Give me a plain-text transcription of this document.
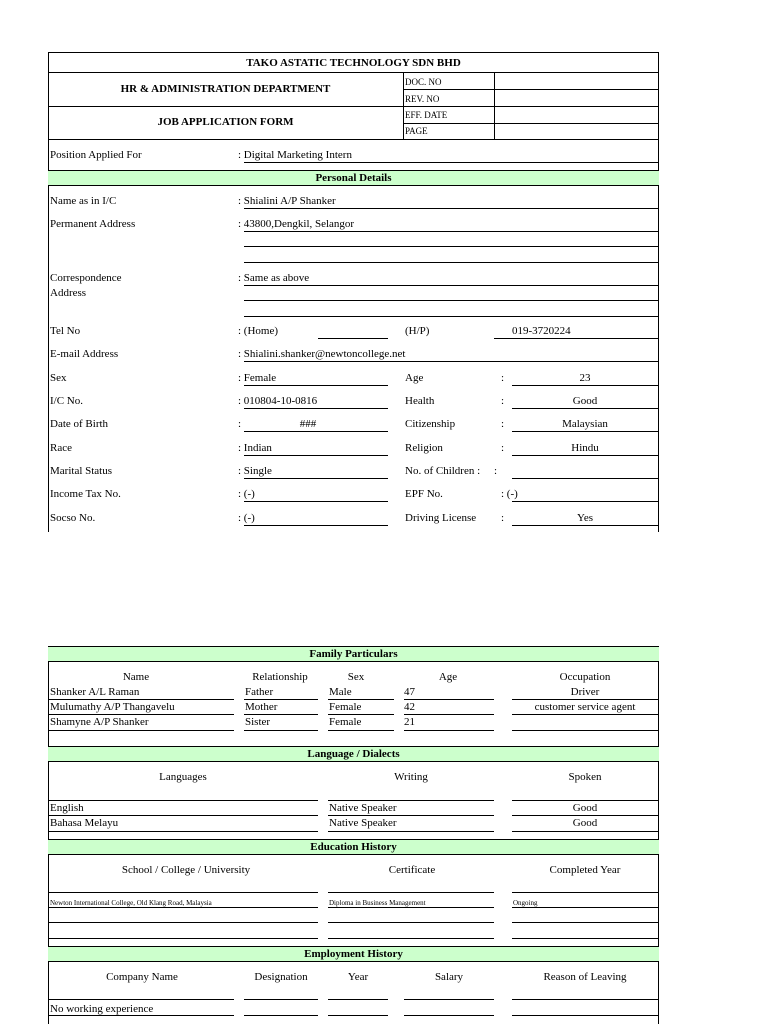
TAKO ASTATIC TECHNOLOGY SDN BHD
HR & ADMINISTRATION DEPARTMENT
JOB APPLICATION FORM
DOC. NO
REV. NO
EFF. DATE
PAGE
Position Applied For	: Digital Marketing Intern
Personal Details
Name as in I/C	: Shialini A/P Shanker
Permanent Address	: 43800,Dengkil, Selangor
Correspondence
Address
: Same as above
Tel No	: (Home)	(H/P)	019-3720224
E-mail Address	: Shialini.shanker@newtoncollege.net
Sex	: Female	Age	:	23
I/C No.	: 010804-10-0816	Health	:	Good
Date of Birth	:	###	Citizenship	:	Malaysian
Race	: Indian	Religion	:	Hindu
Marital Status	: Single	No. of Children : :
Income Tax No.	: (-)	EPF No.	: (-)
Socso No.	: (-)	Driving License :	Yes
Family Particulars
Name	Relationship	Sex	Age	Occupation
Shanker A/L Raman	Father	Male	47	Driver
Mulumathy A/P Thangavelu	Mother	Female	42	customer service agent
Shamyne A/P Shanker	Sister	Female	21
Language / Dialects
Languages	Writing	Spoken
English	Native Speaker	Good
Bahasa Melayu	Native Speaker	Good
Education History
School / College / University	Certificate	Completed Year
Newton International College, Old Klang Road, Malaysia	Diploma in Business Management	Ongoing
Employment History
Company Name	Designation	Year	Salary	Reason of Leaving
No working experience
